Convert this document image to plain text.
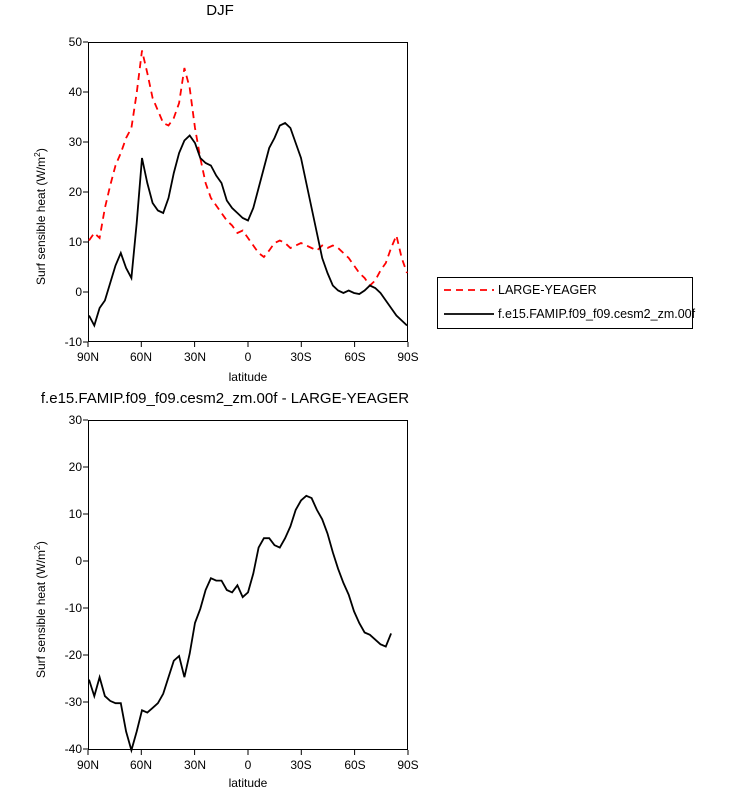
DJF
50
40
30
20
10
0
-10
90N	60N	30N	0	30S	60S	90S
latitude
Surf sensible heat $(W/m^2)$
LARGE-YEAGER
f.e15.FAMIP.f09_f09.cesm2_zm.00f
f.e15.FAMIP.f09_f09.cesm2_zm.00f - LARGE-YEAGER
30
20
10
0
-10
-20
-30
-40
90N	60N	30N	0	30S	60S	90S
latitude
Surf sensible heat $(W/m^2)$
